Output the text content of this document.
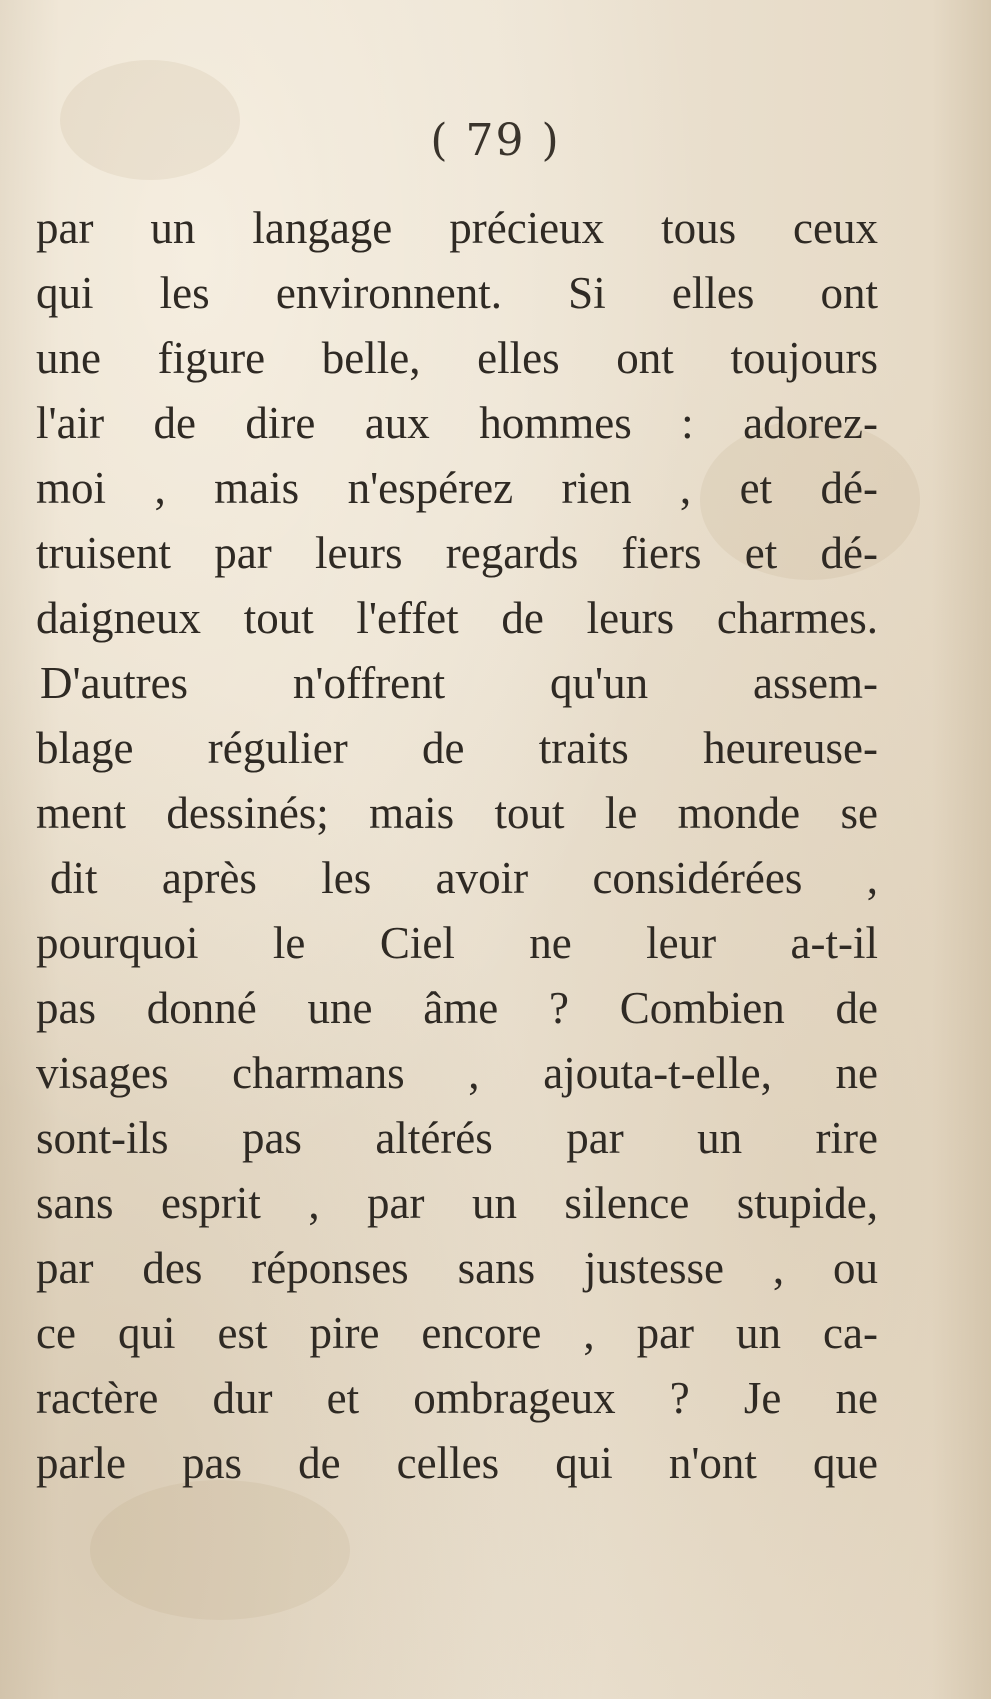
( 79 )
par un langage précieux tous ceux
qui les environnent. Si elles ont
une figure belle, elles ont toujours
l'air de dire aux hommes : adorez-
moi , mais n'espérez rien , et dé-
truisent par leurs regards fiers et dé-
daigneux tout l'effet de leurs charmes.
D'autres n'offrent qu'un assem-
blage régulier de traits heureuse-
ment dessinés; mais tout le monde se
dit après les avoir considérées ,
pourquoi le Ciel ne leur a-t-il
pas donné une âme ? Combien de
visages charmans , ajouta-t-elle, ne
sont-ils pas altérés par un rire
sans esprit , par un silence stupide,
par des réponses sans justesse , ou
ce qui est pire encore , par un ca-
ractère dur et ombrageux ? Je ne
parle pas de celles qui n'ont que
